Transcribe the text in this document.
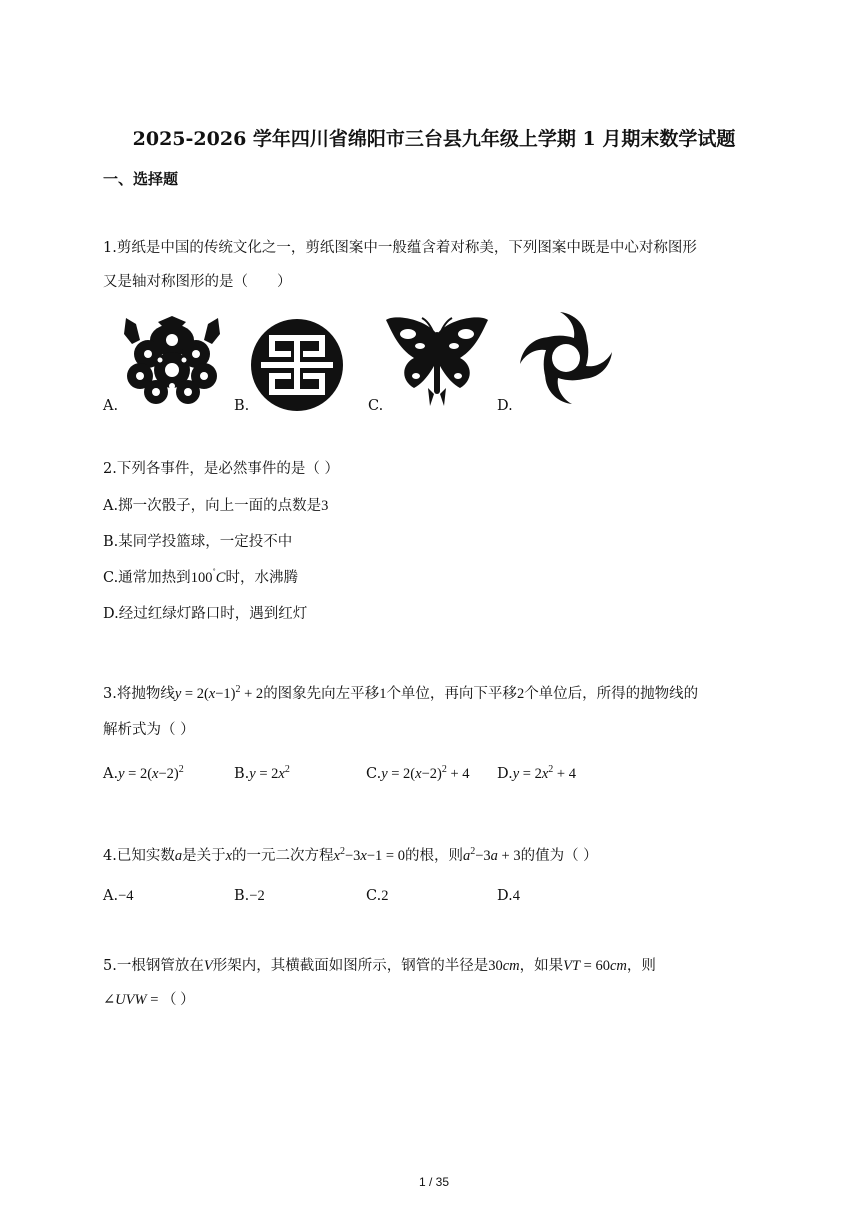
2025-2026 学年四川省绵阳市三台县九年级上学期 1 月期末数学试题
一、选择题
1.剪纸是中国的传统文化之一，剪纸图案中一般蕴含着对称美，下列图案中既是中心对称图形
又是轴对称图形的是（　　）
A.	B.	C.	D.
2.下列各事件，是必然事件的是（ ）
A.掷一次骰子，向上一面的点数是3
B.某同学投篮球，一定投不中
C.通常加热到100˚C时，水沸腾
D.经过红绿灯路口时，遇到红灯
3.将抛物线$y = 2(x-1)^2 + 2$的图象先向左平移1个单位，再向下平移2个单位后，所得的抛物线的
解析式为（ ）
$A.y = 2(x-2)^2$	$B.y = 2x^2$	$C.y = 2(x-2)^2 + 4$ $D.y = 2x^2 + 4$
4.已知实数a是关于x的一元二次方程$x^2-3x-1 = 0$的根，则$a^2-3a + 3$的值为（ ）
A.−4	B.−2	C.2	D.4
5.一根钢管放在V形架内，其横截面如图所示，钢管的半径是30cm，如果VT = 60cm，则
∠UVW = （ ）
1 / 35
